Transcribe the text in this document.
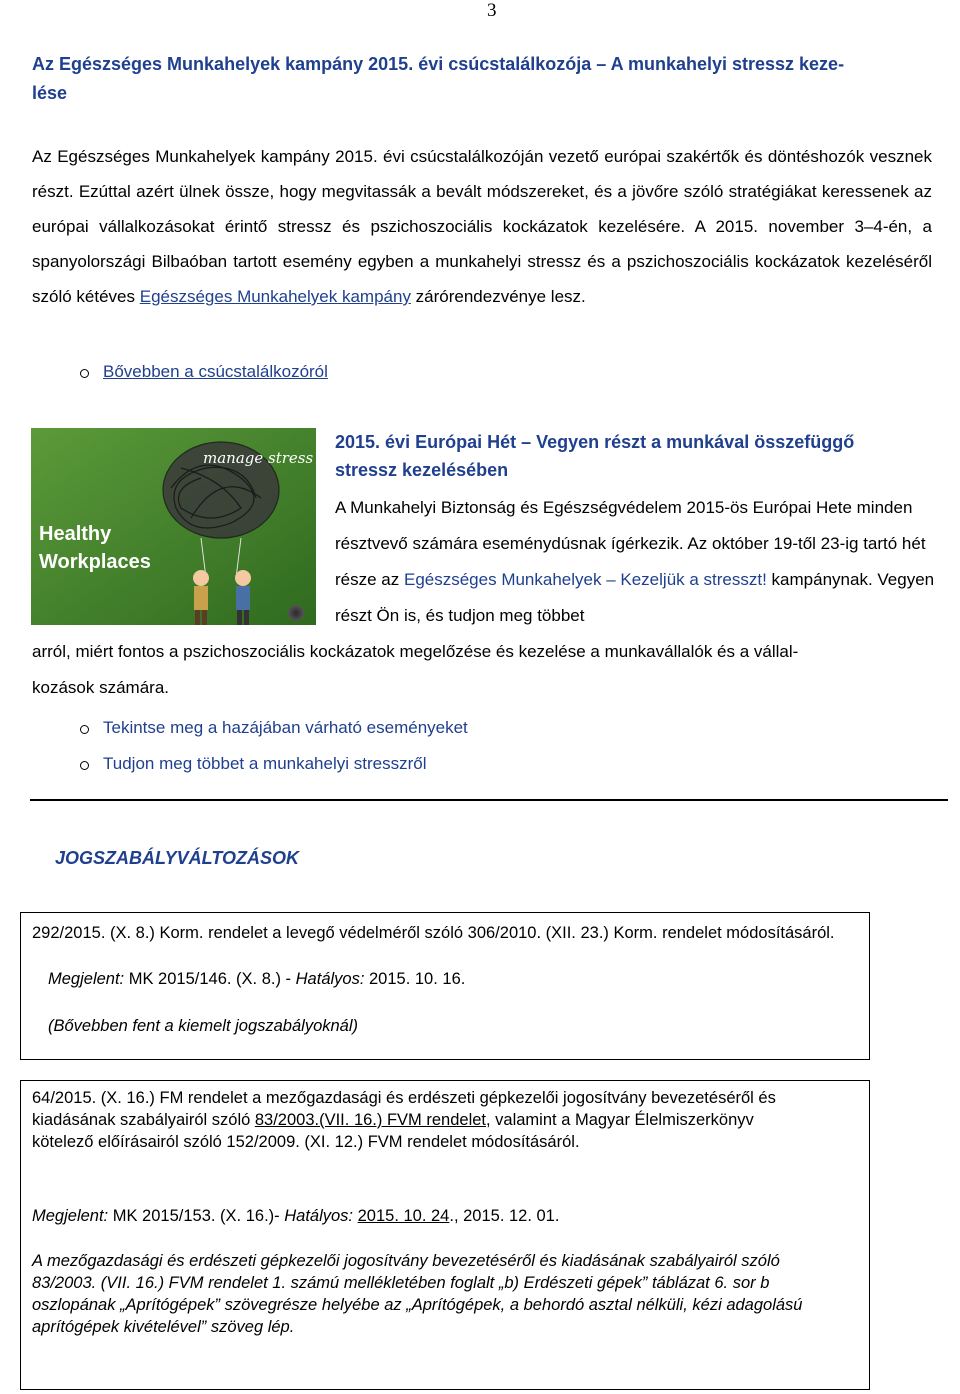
3
Az Egészséges Munkahelyek kampány 2015. évi csúcstalálkozója – A munkahelyi stressz keze-
lése
Az Egészséges Munkahelyek kampány 2015. évi csúcstalálkozóján vezető európai szakértők és döntéshozók vesznek részt. Ezúttal azért ülnek össze, hogy megvitassák a bevált módszereket, és a jövőre szóló stratégiákat keressenek az európai vállalkozásokat érintő stressz és pszichoszociális kockázatok kezelésére. A 2015. november 3–4-én, a spanyolországi Bilbaóban tartott esemény egyben a munkahelyi stressz és a pszichoszociális kockázatok kezeléséről szóló kétéves Egészséges Munkahelyek kampány zárórendezvénye lesz.
Bővebben a csúcstalálkozóról
manage stress
Healthy
Workplaces
2015. évi Európai Hét – Vegyen részt a munkával összefüggő
stressz kezelésében
A Munkahelyi Biztonság és Egészségvédelem 2015-ös Európai Hete minden résztvevő számára eseménydúsnak ígérkezik. Az október 19-től 23-ig tartó hét része az Egészséges Munkahelyek – Kezeljük a stresszt! kampánynak. Vegyen részt Ön is, és tudjon meg többet
arról, miért fontos a pszichoszociális kockázatok megelőzése és kezelése a munkavállalók és a vállal-
kozások számára.
Tekintse meg a hazájában várható eseményeket
Tudjon meg többet a munkahelyi stresszről
JOGSZABÁLYVÁLTOZÁSOK
292/2015. (X. 8.) Korm. rendelet a levegő védelméről szóló 306/2010. (XII. 23.) Korm. rendelet módosításáról.
Megjelent: MK 2015/146. (X. 8.) - Hatályos: 2015. 10. 16.
(Bővebben fent a kiemelt jogszabályoknál)
64/2015. (X. 16.) FM rendelet a mezőgazdasági és erdészeti gépkezelői jogosítvány bevezetéséről és kiadásának szabályairól szóló 83/2003.(VII. 16.) FVM rendelet, valamint a Magyar Élelmiszerkönyv
kötelező előírásairól szóló 152/2009. (XI. 12.) FVM rendelet módosításáról.
Megjelent: MK 2015/153. (X. 16.)- Hatályos: 2015. 10. 24., 2015. 12. 01.
A mezőgazdasági és erdészeti gépkezelői jogosítvány bevezetéséről és kiadásának szabályairól szóló 83/2003. (VII. 16.) FVM rendelet 1. számú mellékletében foglalt „b) Erdészeti gépek” táblázat 6. sor b oszlopának „Aprítógépek” szövegrésze helyébe az „Aprítógépek, a behordó asztal nélküli, kézi adagolású aprítógépek kivételével” szöveg lép.
